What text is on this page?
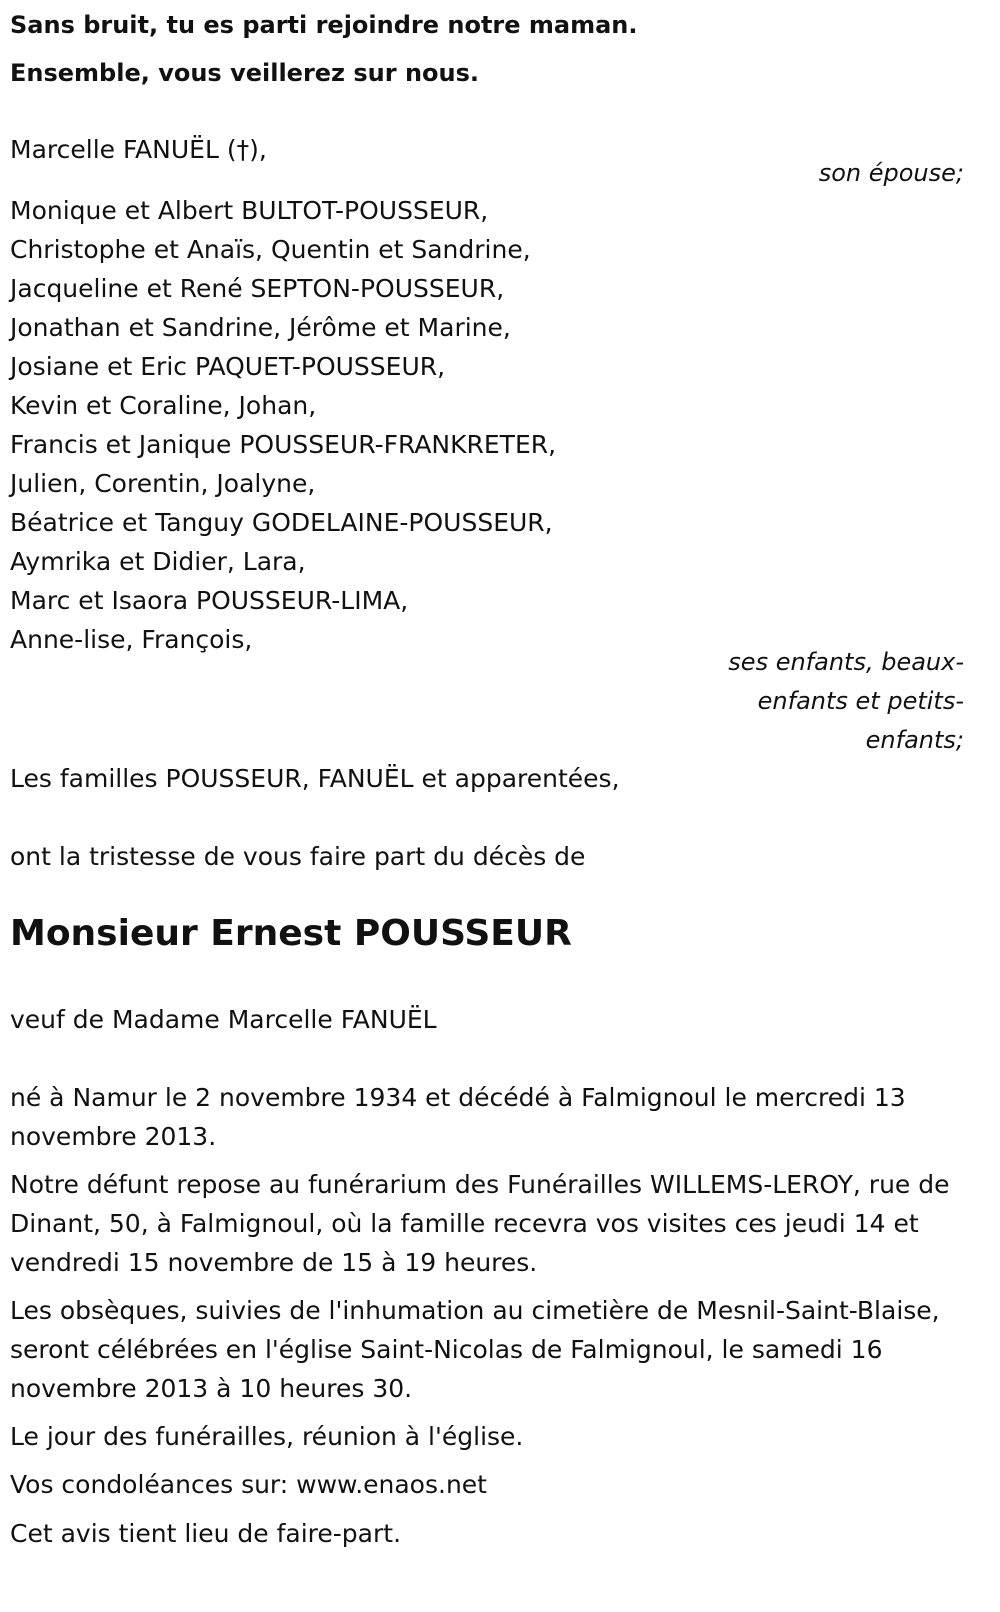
Sans bruit, tu es parti rejoindre notre maman.
Ensemble, vous veillerez sur nous.
Marcelle FANUËL (†),
son épouse;
Monique et Albert BULTOT-POUSSEUR,
Christophe et Anaïs, Quentin et Sandrine,
Jacqueline et René SEPTON-POUSSEUR,
Jonathan et Sandrine, Jérôme et Marine,
Josiane et Eric PAQUET-POUSSEUR,
Kevin et Coraline, Johan,
Francis et Janique POUSSEUR-FRANKRETER,
Julien, Corentin, Joalyne,
Béatrice et Tanguy GODELAINE-POUSSEUR,
Aymrika et Didier, Lara,
Marc et Isaora POUSSEUR-LIMA,
Anne-lise, François,
ses enfants, beaux-
enfants et petits-
enfants;
Les familles POUSSEUR, FANUËL et apparentées,
ont la tristesse de vous faire part du décès de
Monsieur Ernest POUSSEUR
veuf de Madame Marcelle FANUËL
né à Namur le 2 novembre 1934 et décédé à Falmignoul le mercredi 13 novembre 2013.
Notre défunt repose au funérarium des Funérailles WILLEMS-LEROY, rue de Dinant, 50, à Falmignoul, où la famille recevra vos visites ces jeudi 14 et vendredi 15 novembre de 15 à 19 heures.
Les obsèques, suivies de l'inhumation au cimetière de Mesnil-Saint-Blaise, seront célébrées en l'église Saint-Nicolas de Falmignoul, le samedi 16 novembre 2013 à 10 heures 30.
Le jour des funérailles, réunion à l'église.
Vos condoléances sur: www.enaos.net
Cet avis tient lieu de faire-part.
